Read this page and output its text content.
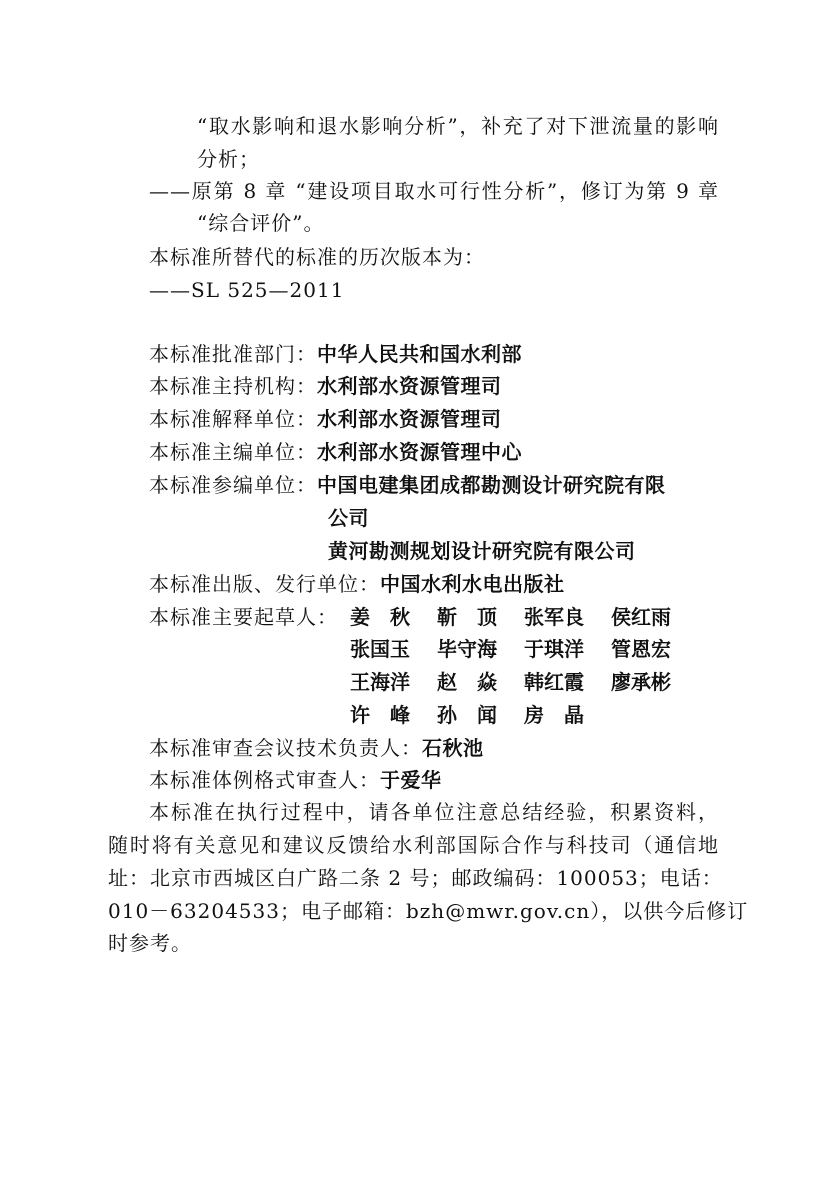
“取水影响和退水影响分析”，补充了对下泄流量的影响
分析；
——原第 8 章 “建设项目取水可行性分析”，修订为第 9 章
“综合评价”。
本标准所替代的标准的历次版本为：
——SL 525—2011
本标准批准部门：中华人民共和国水利部
本标准主持机构：水利部水资源管理司
本标准解释单位：水利部水资源管理司
本标准主编单位：水利部水资源管理中心
本标准参编单位：中国电建集团成都勘测设计研究院有限
公司
黄河勘测规划设计研究院有限公司
本标准出版、发行单位：中国水利水电出版社
本标准主要起草人： 姜　秋 靳　顶 张军良 侯红雨
张国玉 毕守海 于琪洋 管恩宏
王海洋 赵　焱 韩红霞 廖承彬
许　峰 孙　闻 房　晶
本标准审查会议技术负责人：石秋池
本标准体例格式审查人：于爱华
本标准在执行过程中，请各单位注意总结经验，积累资料，
随时将有关意见和建议反馈给水利部国际合作与科技司（通信地
址：北京市西城区白广路二条 2 号；邮政编码：100053；电话：
010－63204533；电子邮箱：bzh@mwr.gov.cn），以供今后修订
时参考。
